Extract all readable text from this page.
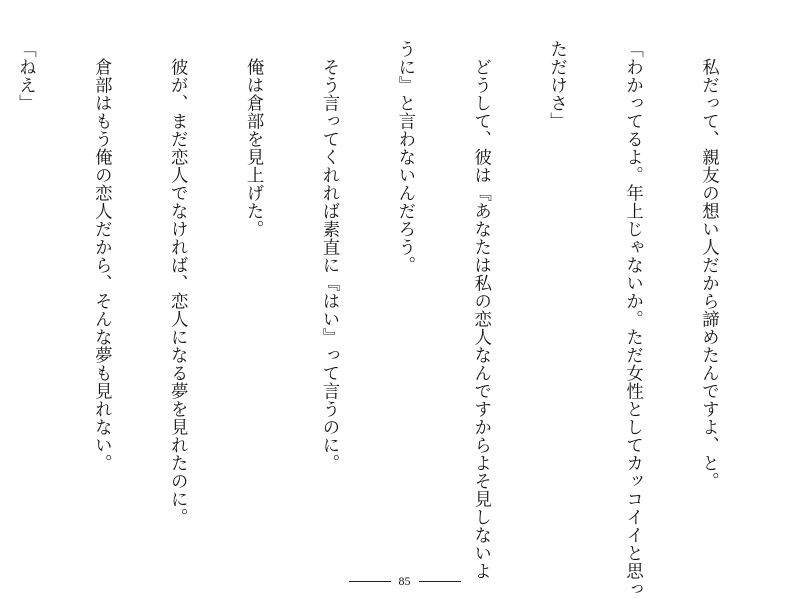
　私だって、親友の想い人だから諦めたんですよ、と。

「わかってるよ。年上じゃないか。ただ女性としてカッコイイと思っ

ただけさ」

　どうして、彼は『あなたは私の恋人なんですからよそ見しないよ

うに』と言わないんだろう。

　そう言ってくれれば素直に『はい』って言うのに。

　俺は倉部を見上げた。

　彼が、まだ恋人でなければ、恋人になる夢を見れたのに。

　倉部はもう俺の恋人だから、そんな夢も見れない。

「ねえ」

85
